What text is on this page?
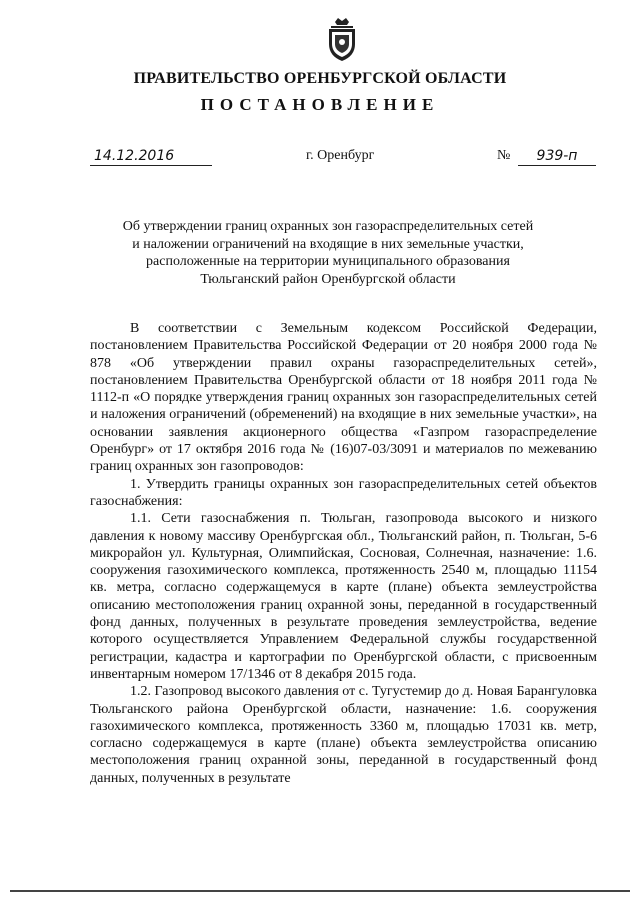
ПРАВИТЕЛЬСТВО ОРЕНБУРГСКОЙ ОБЛАСТИ
ПОСТАНОВЛЕНИЕ
14.12.2016	г. Оренбург	№	939-п
Об утверждении границ охранных зон газораспределительных сетей
и наложении ограничений на входящие в них земельные участки,
расположенные на территории муниципального образования
Тюльганский район Оренбургской области

В соответствии с Земельным кодексом Российской Федерации, постановлением Правительства Российской Федерации от 20 ноября 2000 года № 878 «Об утверждении правил охраны газораспределительных сетей», постановлением Правительства Оренбургской области от 18 ноября 2011 года № 1112-п «О порядке утверждения границ охранных зон газораспределительных сетей и наложения ограничений (обременений) на входящие в них земельные участки», на основании заявления акционерного общества «Газпром газораспределение Оренбург» от 17 октября 2016 года № (16)07-03/3091 и материалов по межеванию границ охранных зон газопроводов:

1. Утвердить границы охранных зон газораспределительных сетей объектов газоснабжения:

1.1. Сети газоснабжения п. Тюльган, газопровода высокого и низкого давления к новому массиву Оренбургская обл., Тюльганский район, п. Тюльган, 5-6 микрорайон ул. Культурная, Олимпийская, Сосновая, Солнечная, назначение: 1.6. сооружения газохимического комплекса, протяженность 2540 м, площадью 11154 кв. метра, согласно содержащемуся в карте (плане) объекта землеустройства описанию местоположения границ охранной зоны, переданной в государственный фонд данных, полученных в результате проведения землеустройства, ведение которого осуществляется Управлением Федеральной службы государственной регистрации, кадастра и картографии по Оренбургской области, с присвоенным инвентарным номером 17/1346 от 8 декабря 2015 года.

1.2. Газопровод высокого давления от с. Тугустемир до д. Новая Барангуловка Тюльганского района Оренбургской области, назначение: 1.6. сооружения газохимического комплекса, протяженность 3360 м, площадью 17031 кв. метр, согласно содержащемуся в карте (плане) объекта землеустройства описанию местоположения границ охранной зоны, переданной в государственный фонд данных, полученных в результате
